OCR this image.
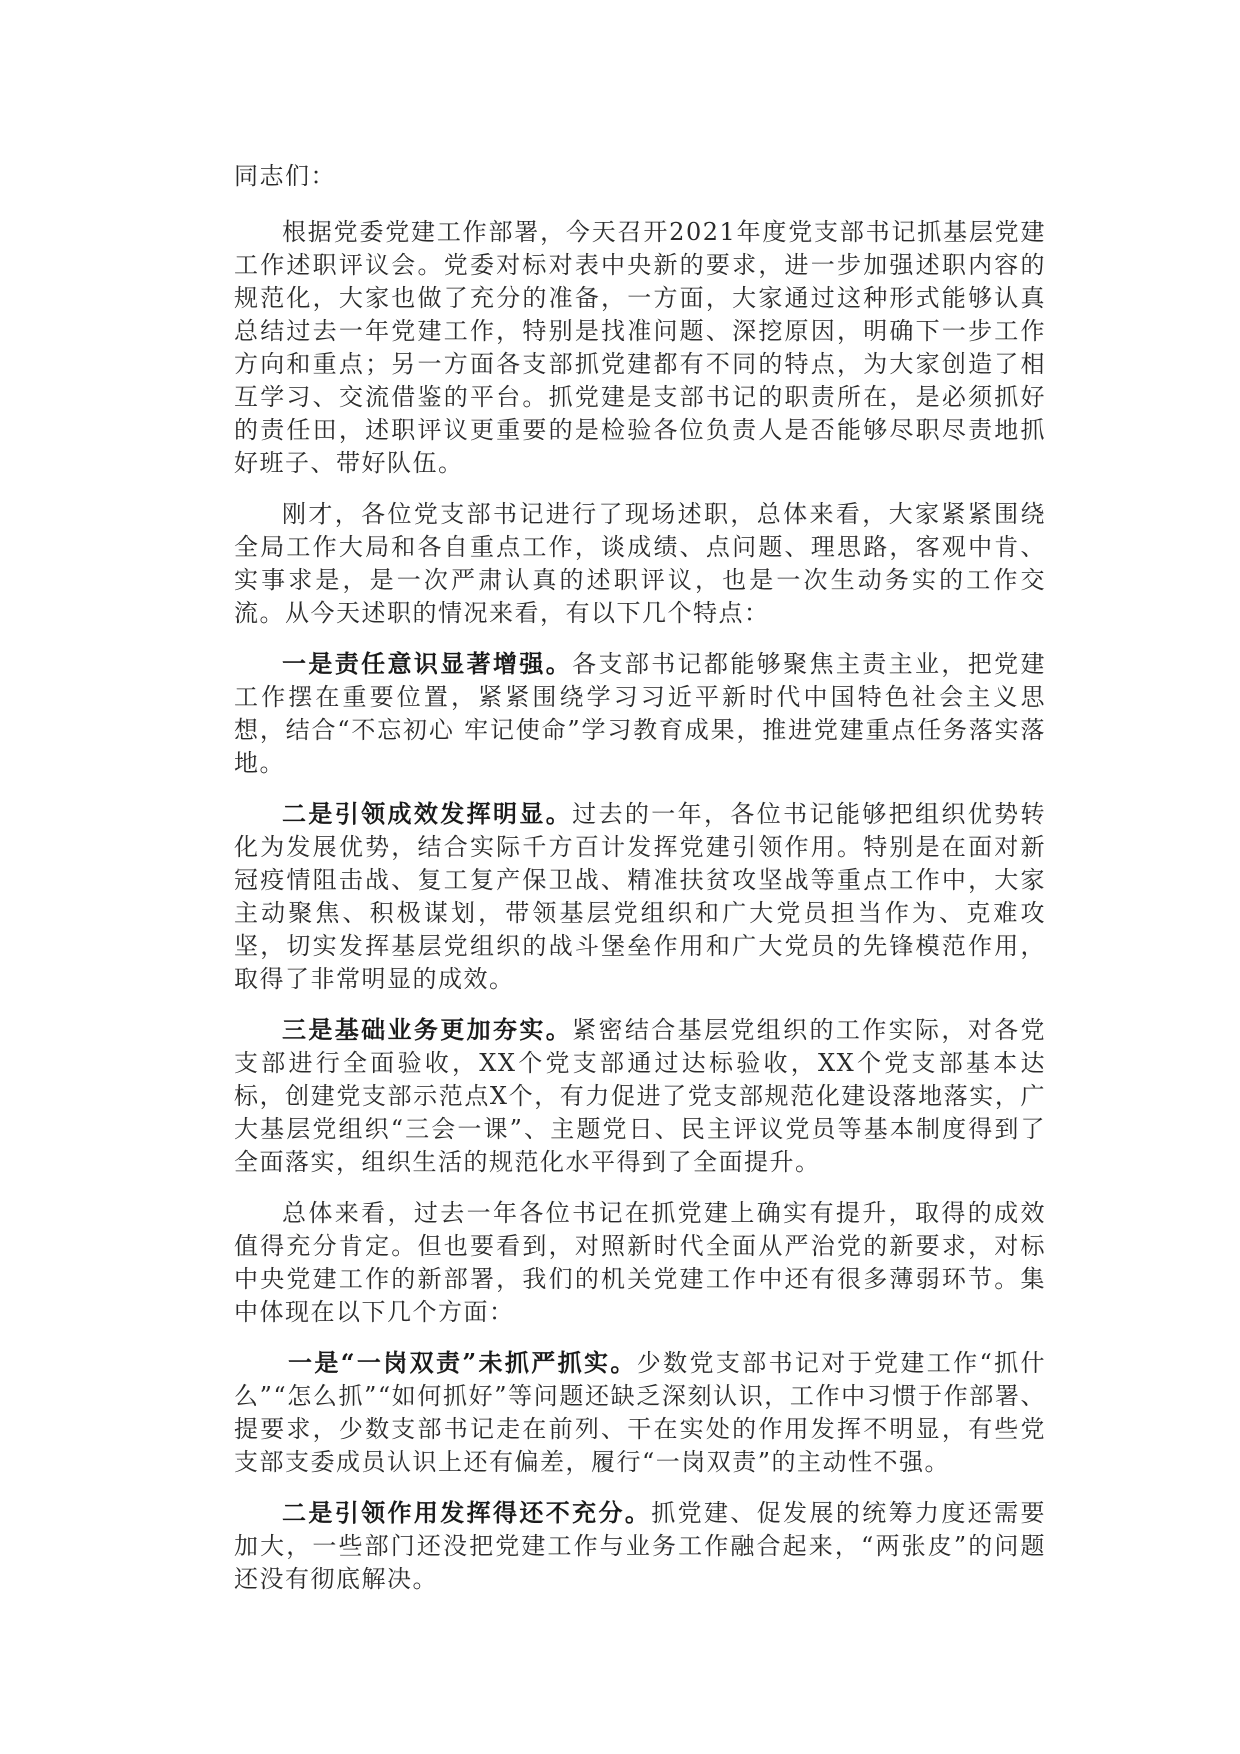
同志们：

根据党委党建工作部署，今天召开2021年度党支部书记抓基层党建工作述职评议会。党委对标对表中央新的要求，进一步加强述职内容的规范化，大家也做了充分的准备，一方面，大家通过这种形式能够认真总结过去一年党建工作，特别是找准问题、深挖原因，明确下一步工作方向和重点；另一方面各支部抓党建都有不同的特点，为大家创造了相互学习、交流借鉴的平台。抓党建是支部书记的职责所在，是必须抓好的责任田，述职评议更重要的是检验各位负责人是否能够尽职尽责地抓好班子、带好队伍。

刚才，各位党支部书记进行了现场述职，总体来看，大家紧紧围绕全局工作大局和各自重点工作，谈成绩、点问题、理思路，客观中肯、实事求是，是一次严肃认真的述职评议，也是一次生动务实的工作交流。从今天述职的情况来看，有以下几个特点：

一是责任意识显著增强。各支部书记都能够聚焦主责主业，把党建工作摆在重要位置，紧紧围绕学习习近平新时代中国特色社会主义思想，结合“不忘初心 牢记使命”学习教育成果，推进党建重点任务落实落地。

二是引领成效发挥明显。过去的一年，各位书记能够把组织优势转化为发展优势，结合实际千方百计发挥党建引领作用。特别是在面对新冠疫情阻击战、复工复产保卫战、精准扶贫攻坚战等重点工作中，大家主动聚焦、积极谋划，带领基层党组织和广大党员担当作为、克难攻坚，切实发挥基层党组织的战斗堡垒作用和广大党员的先锋模范作用，取得了非常明显的成效。

三是基础业务更加夯实。紧密结合基层党组织的工作实际，对各党支部进行全面验收，XX个党支部通过达标验收，XX个党支部基本达标，创建党支部示范点X个，有力促进了党支部规范化建设落地落实，广大基层党组织“三会一课”、主题党日、民主评议党员等基本制度得到了全面落实，组织生活的规范化水平得到了全面提升。

总体来看，过去一年各位书记在抓党建上确实有提升，取得的成效值得充分肯定。但也要看到，对照新时代全面从严治党的新要求，对标中央党建工作的新部署，我们的机关党建工作中还有很多薄弱环节。集中体现在以下几个方面：

一是“一岗双责”未抓严抓实。少数党支部书记对于党建工作“抓什么”“怎么抓”“如何抓好”等问题还缺乏深刻认识，工作中习惯于作部署、提要求，少数支部书记走在前列、干在实处的作用发挥不明显，有些党支部支委成员认识上还有偏差，履行“一岗双责”的主动性不强。

二是引领作用发挥得还不充分。抓党建、促发展的统筹力度还需要加大，一些部门还没把党建工作与业务工作融合起来，“两张皮”的问题还没有彻底解决。
